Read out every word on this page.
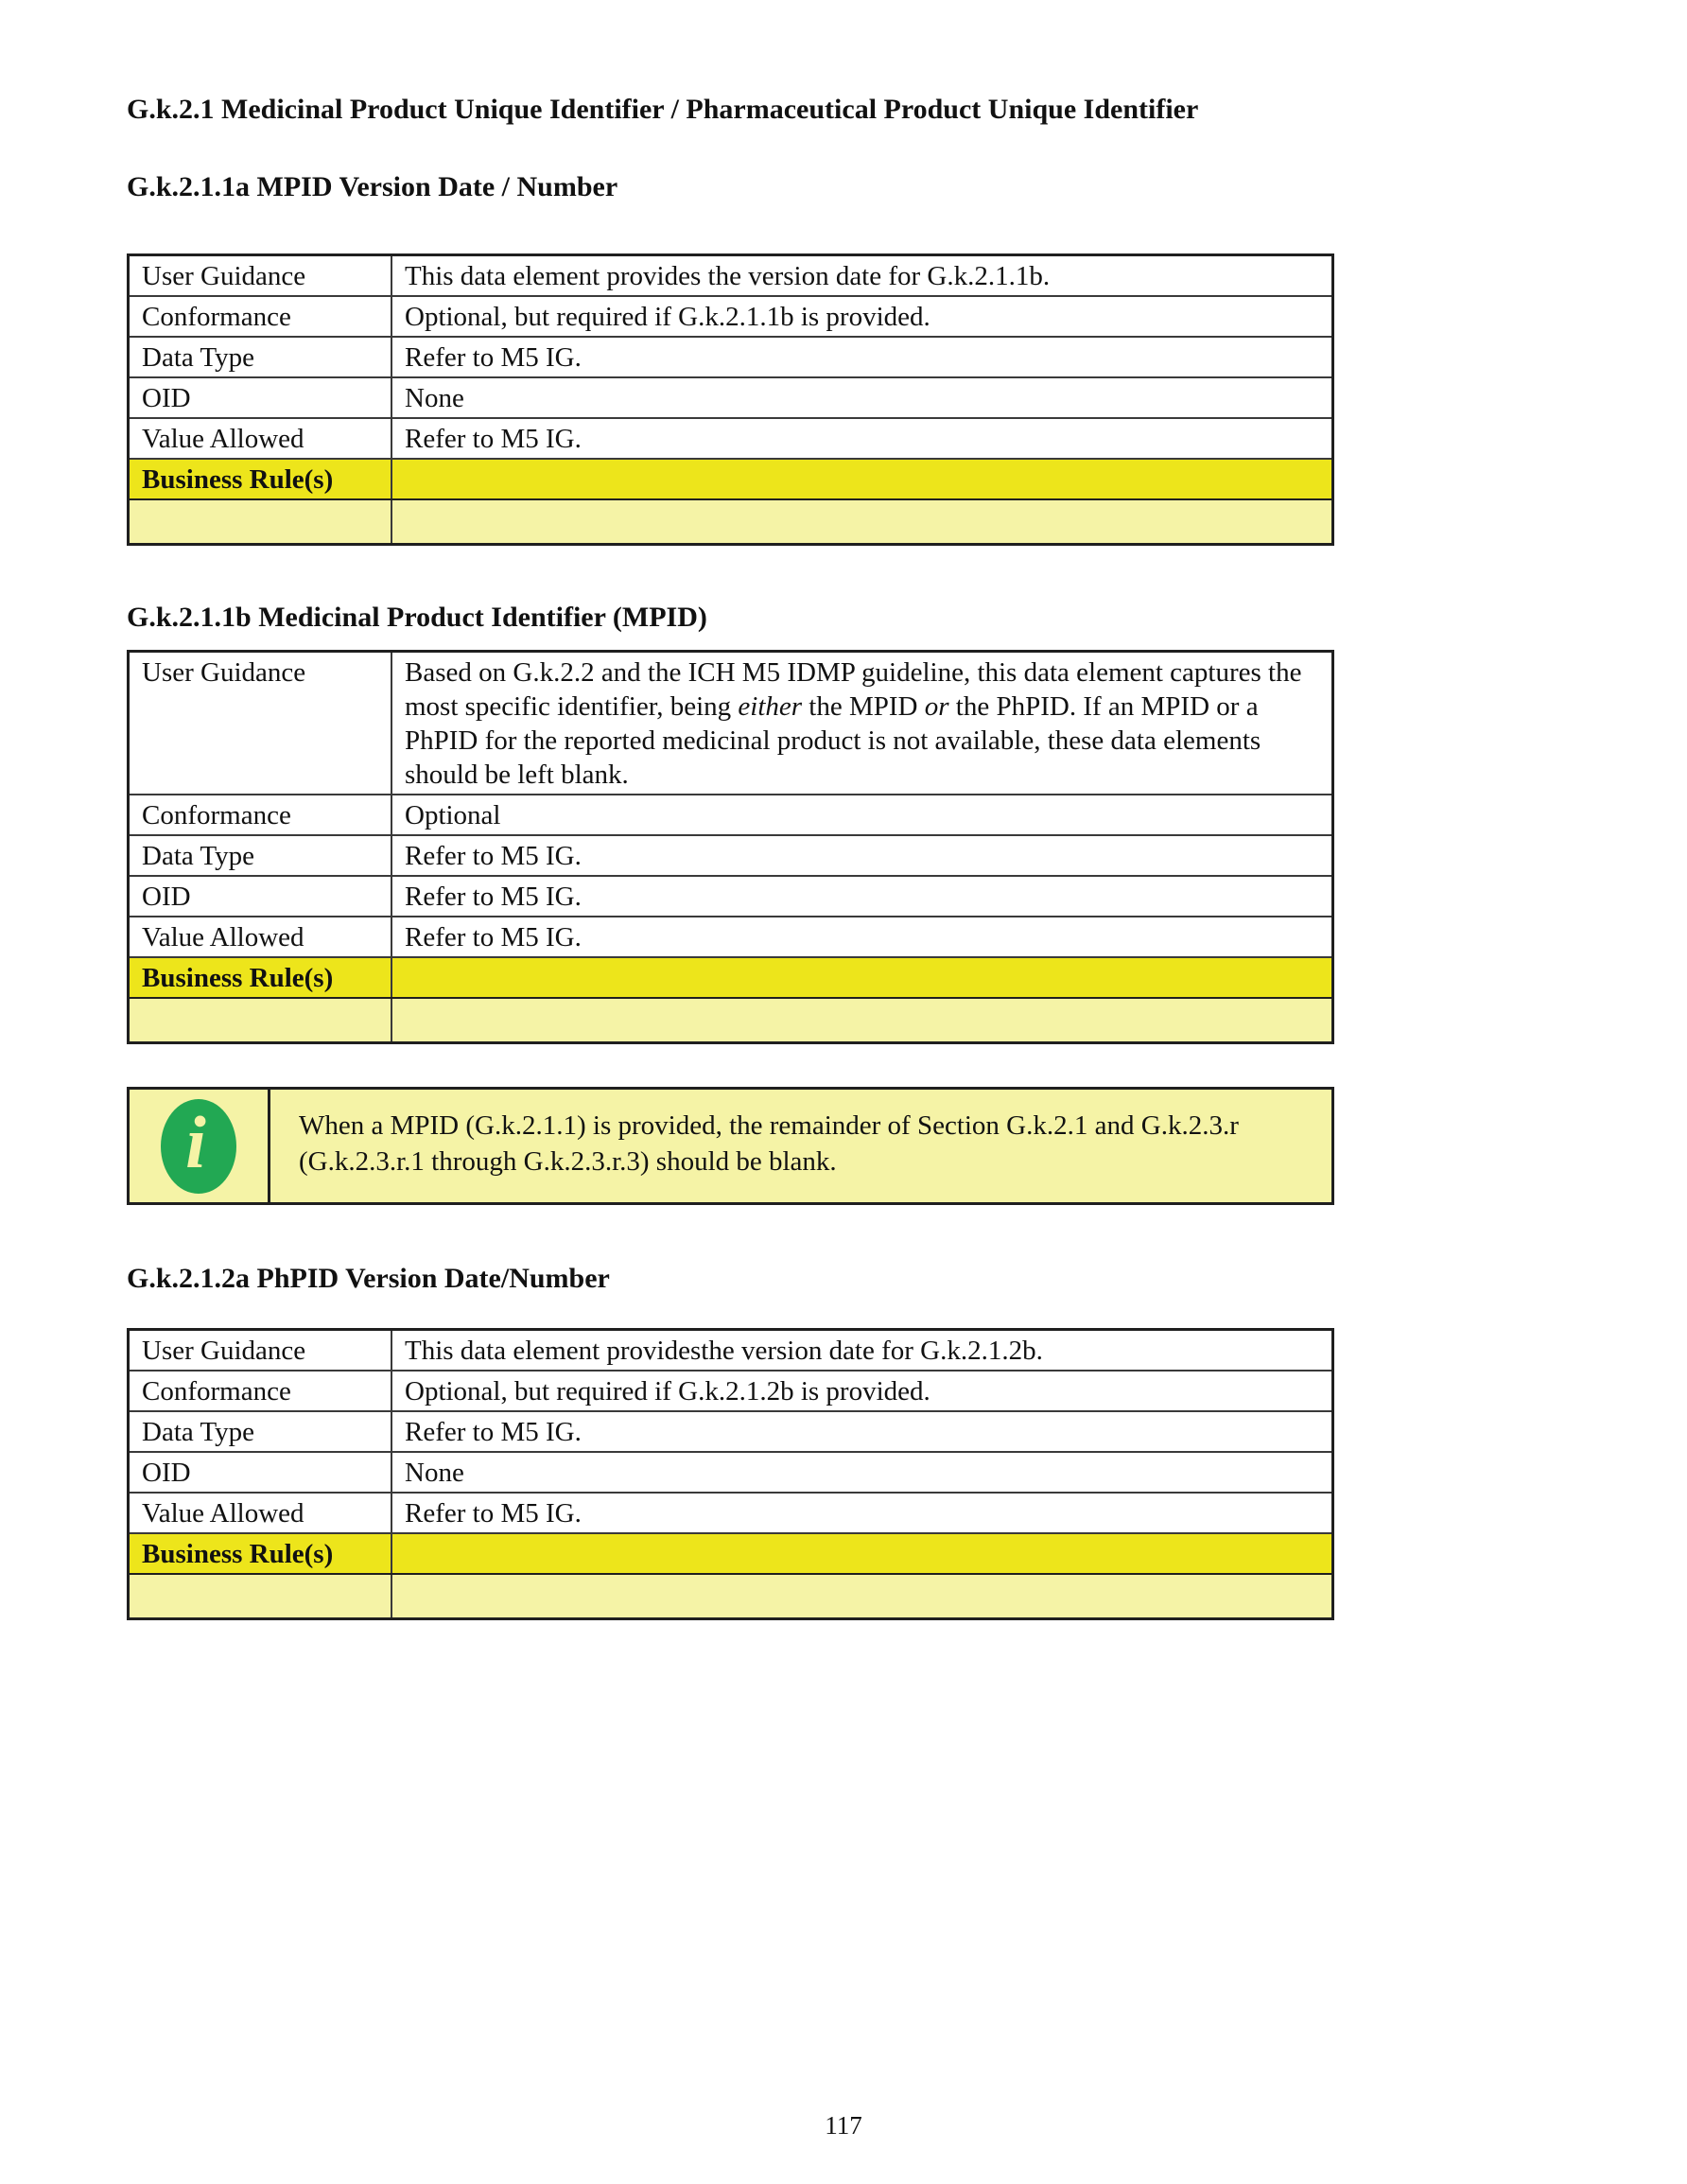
G.k.2.1 Medicinal Product Unique Identifier / Pharmaceutical Product Unique Identifier
G.k.2.1.1a MPID Version Date / Number
User Guidance	This data element provides the version date for G.k.2.1.1b.
Conformance	Optional, but required if G.k.2.1.1b is provided.
Data Type	Refer to M5 IG.
OID	None
Value Allowed	Refer to M5 IG.
Business Rule(s)	

G.k.2.1.1b Medicinal Product Identifier (MPID)
User Guidance	Based on G.k.2.2 and the ICH M5 IDMP guideline, this data element captures the most specific identifier, being either the MPID or the PhPID. If an MPID or a PhPID for the reported medicinal product is not available, these data elements should be left blank.

Conformance	Optional
Data Type	Refer to M5 IG.
OID	Refer to M5 IG.
Value Allowed	Refer to M5 IG.
Business Rule(s)	

i	When a MPID (G.k.2.1.1) is provided, the remainder of Section G.k.2.1 and G.k.2.3.r (G.k.2.3.r.1 through G.k.2.3.r.3) should be blank.
G.k.2.1.2a PhPID Version Date/Number
User Guidance	This data element providesthe version date for G.k.2.1.2b.
Conformance	Optional, but required if G.k.2.1.2b is provided.
Data Type	Refer to M5 IG.
OID	None
Value Allowed	Refer to M5 IG.
Business Rule(s)	

117
